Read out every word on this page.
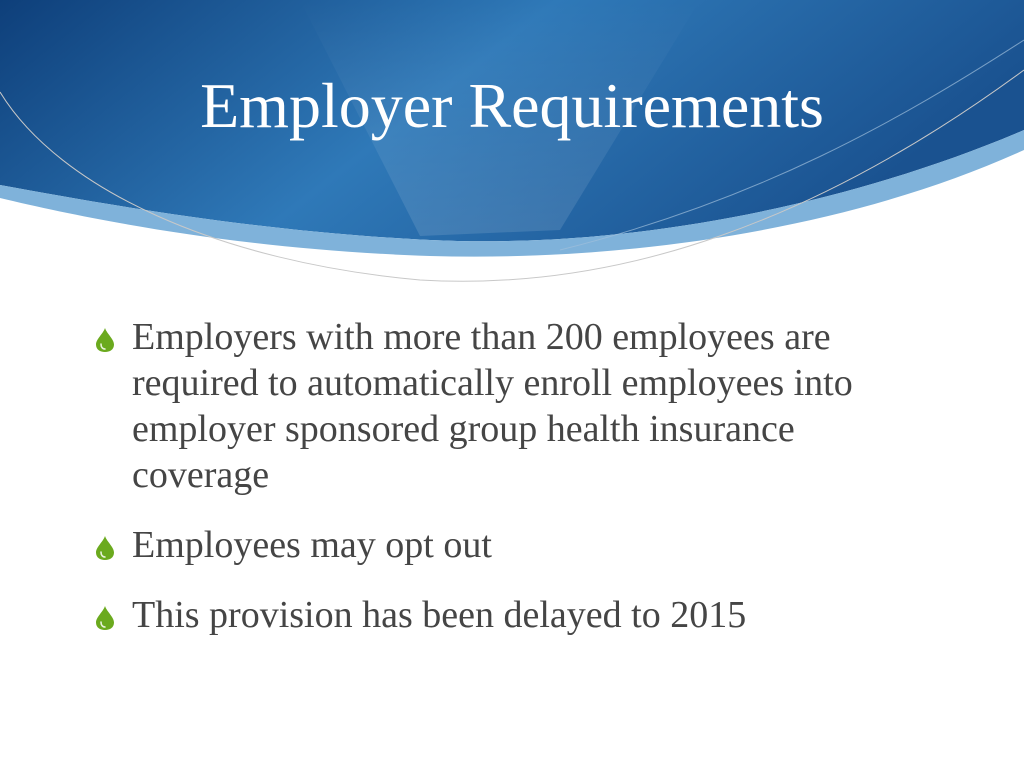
Employer Requirements
Employers with more than 200 employees are required to automatically enroll employees into employer sponsored group health insurance coverage
Employees may opt out
This provision has been delayed to 2015
